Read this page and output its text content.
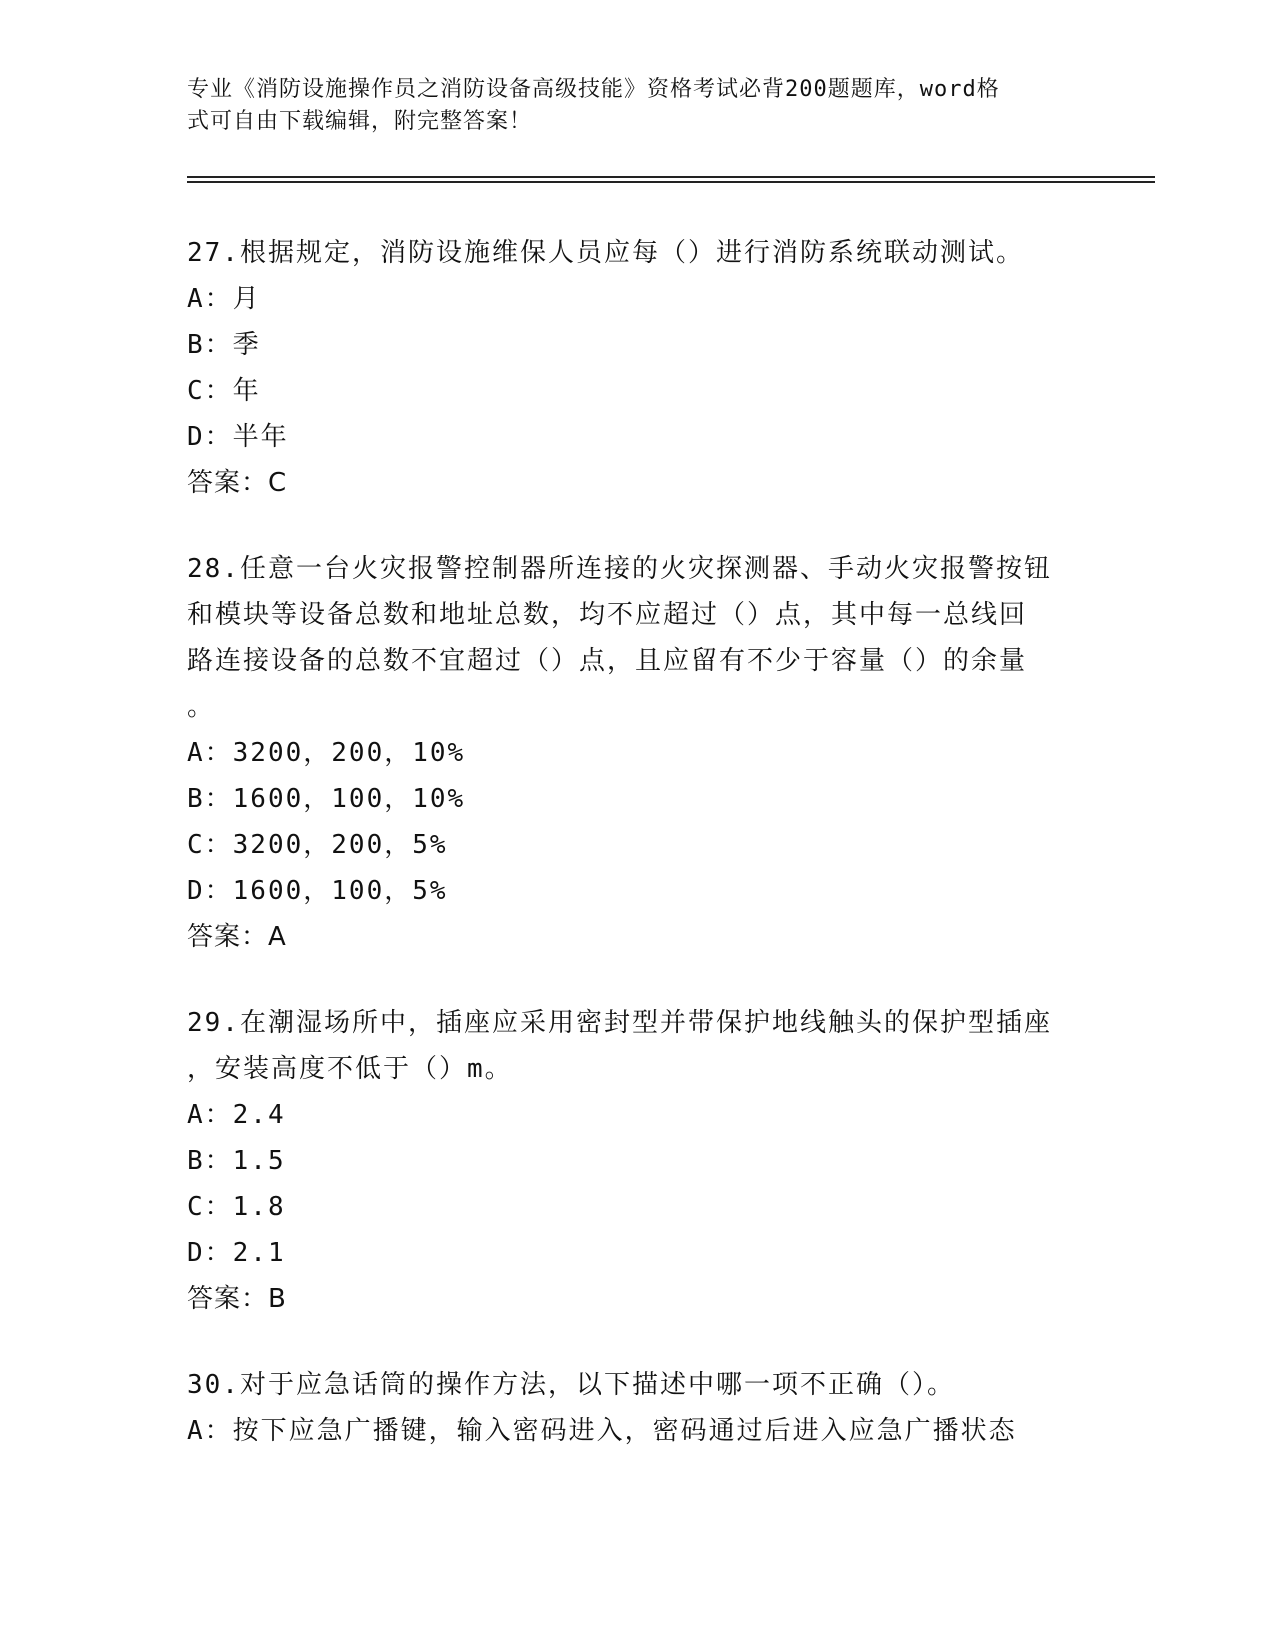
专业《消防设施操作员之消防设备高级技能》资格考试必背200题题库，word格
式可自由下载编辑，附完整答案！
27.根据规定，消防设施维保人员应每（）进行消防系统联动测试。
A：月
B：季
C：年
D：半年
答案：C
28.任意一台火灾报警控制器所连接的火灾探测器、手动火灾报警按钮
和模块等设备总数和地址总数，均不应超过（）点，其中每一总线回
路连接设备的总数不宜超过（）点，且应留有不少于容量（）的余量
。
A：3200，200，10%
B：1600，100，10%
C：3200，200，5%
D：1600，100，5%
答案：A
29.在潮湿场所中，插座应采用密封型并带保护地线触头的保护型插座
，安装高度不低于（）m。
A：2.4
B：1.5
C：1.8
D：2.1
答案：B
30.对于应急话筒的操作方法，以下描述中哪一项不正确（）。
A：按下应急广播键，输入密码进入，密码通过后进入应急广播状态
